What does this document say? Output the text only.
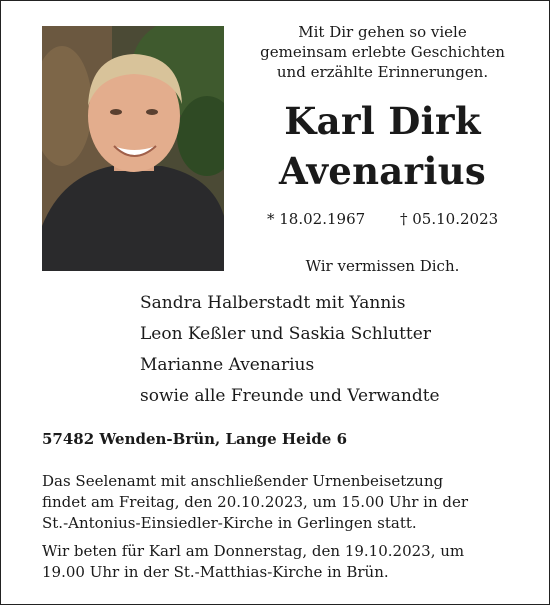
Mit Dir gehen so viele
gemeinsam erlebte Geschichten
und erzählte Erinnerungen.
Karl Dirk
Avenarius
* 18.02.1967 † 05.10.2023
Wir vermissen Dich.
Sandra Halberstadt mit Yannis
Leon Keßler und Saskia Schlutter
Marianne Avenarius
sowie alle Freunde und Verwandte
57482 Wenden-Brün, Lange Heide 6
Das Seelenamt mit anschließender Urnenbeisetzung
findet am Freitag, den 20.10.2023, um 15.00 Uhr in der
St.-Antonius-Einsiedler-Kirche in Gerlingen statt.
Wir beten für Karl am Donnerstag, den 19.10.2023, um
19.00 Uhr in der St.-Matthias-Kirche in Brün.
